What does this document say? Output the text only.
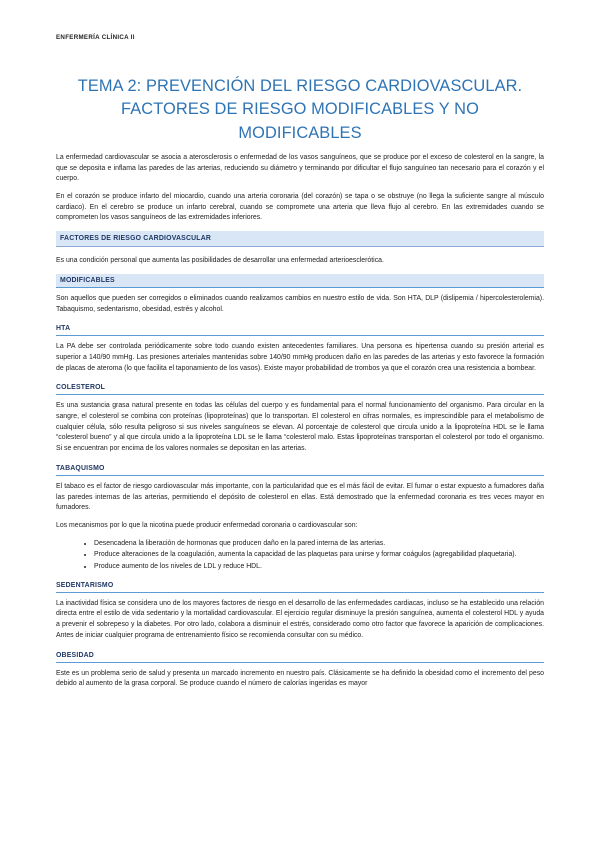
ENFERMERÍA CLÍNICA II
TEMA 2: PREVENCIÓN DEL RIESGO CARDIOVASCULAR. FACTORES DE RIESGO MODIFICABLES Y NO MODIFICABLES

La enfermedad cardiovascular se asocia a aterosclerosis o enfermedad de los vasos sanguíneos, que se produce por el exceso de colesterol en la sangre, la que se deposita e inflama las paredes de las arterias, reduciendo su diámetro y terminando por dificultar el flujo sanguíneo tan necesario para el corazón y el cuerpo.

En el corazón se produce infarto del miocardio, cuando una arteria coronaria (del corazón) se tapa o se obstruye (no llega la suficiente sangre al músculo cardiaco). En el cerebro se produce un infarto cerebral, cuando se compromete una arteria que lleva flujo al cerebro. En las extremidades cuando se comprometen los vasos sanguíneos de las extremidades inferiores.

FACTORES DE RIESGO CARDIOVASCULAR

Es una condición personal que aumenta las posibilidades de desarrollar una enfermedad arterioesclerótica.

MODIFICABLES

Son aquellos que pueden ser corregidos o eliminados cuando realizamos cambios en nuestro estilo de vida. Son HTA, DLP (dislipemia / hipercolesterolemia). Tabaquismo, sedentarismo, obesidad, estrés y alcohol.

HTA

La PA debe ser controlada periódicamente sobre todo cuando existen antecedentes familiares. Una persona es hipertensa cuando su presión arterial es superior a 140/90 mmHg. Las presiones arteriales mantenidas sobre 140/90 mmHg producen daño en las paredes de las arterias y esto favorece la formación de placas de ateroma (lo que facilita el taponamiento de los vasos). Existe mayor probabilidad de trombos ya que el corazón crea una resistencia a bombear.

COLESTEROL

Es una sustancia grasa natural presente en todas las células del cuerpo y es fundamental para el normal funcionamiento del organismo. Para circular en la sangre, el colesterol se combina con proteínas (lipoproteínas) que lo transportan. El colesterol en cifras normales, es imprescindible para el metabolismo de cualquier célula, sólo resulta peligroso si sus niveles sanguíneos se elevan. Al porcentaje de colesterol que circula unido a la lipoproteína HDL se le llama “colesterol bueno” y al que circula unido a la lipoproteína LDL se le llama “colesterol malo. Estas lipoproteínas transportan el colesterol por todo el organismo. Si se encuentran por encima de los valores normales se depositan en las arterias.

TABAQUISMO

El tabaco es el factor de riesgo cardiovascular más importante, con la particularidad que es el más fácil de evitar. El fumar o estar expuesto a fumadores daña las paredes internas de las arterias, permitiendo el depósito de colesterol en ellas. Está demostrado que la enfermedad coronaria es tres veces mayor en fumadores.

Los mecanismos por lo que la nicotina puede producir enfermedad coronaria o cardiovascular son:

• Desencadena la liberación de hormonas que producen daño en la pared interna de las arterias.
• Produce alteraciones de la coagulación, aumenta la capacidad de las plaquetas para unirse y formar coágulos (agregabilidad plaquetaria).
• Produce aumento de los niveles de LDL y reduce HDL.
SEDENTARISMO

La inactividad física se considera uno de los mayores factores de riesgo en el desarrollo de las enfermedades cardiacas, incluso se ha establecido una relación directa entre el estilo de vida sedentario y la mortalidad cardiovascular. El ejercicio regular disminuye la presión sanguínea, aumenta el colesterol HDL y ayuda a prevenir el sobrepeso y la diabetes. Por otro lado, colabora a disminuir el estrés, considerado como otro factor que favorece la aparición de complicaciones. Antes de iniciar cualquier programa de entrenamiento físico se recomienda consultar con su médico.

OBESIDAD

Este es un problema serio de salud y presenta un marcado incremento en nuestro país. Clásicamente se ha definido la obesidad como el incremento del peso debido al aumento de la grasa corporal. Se produce cuando el número de calorías ingeridas es mayor
